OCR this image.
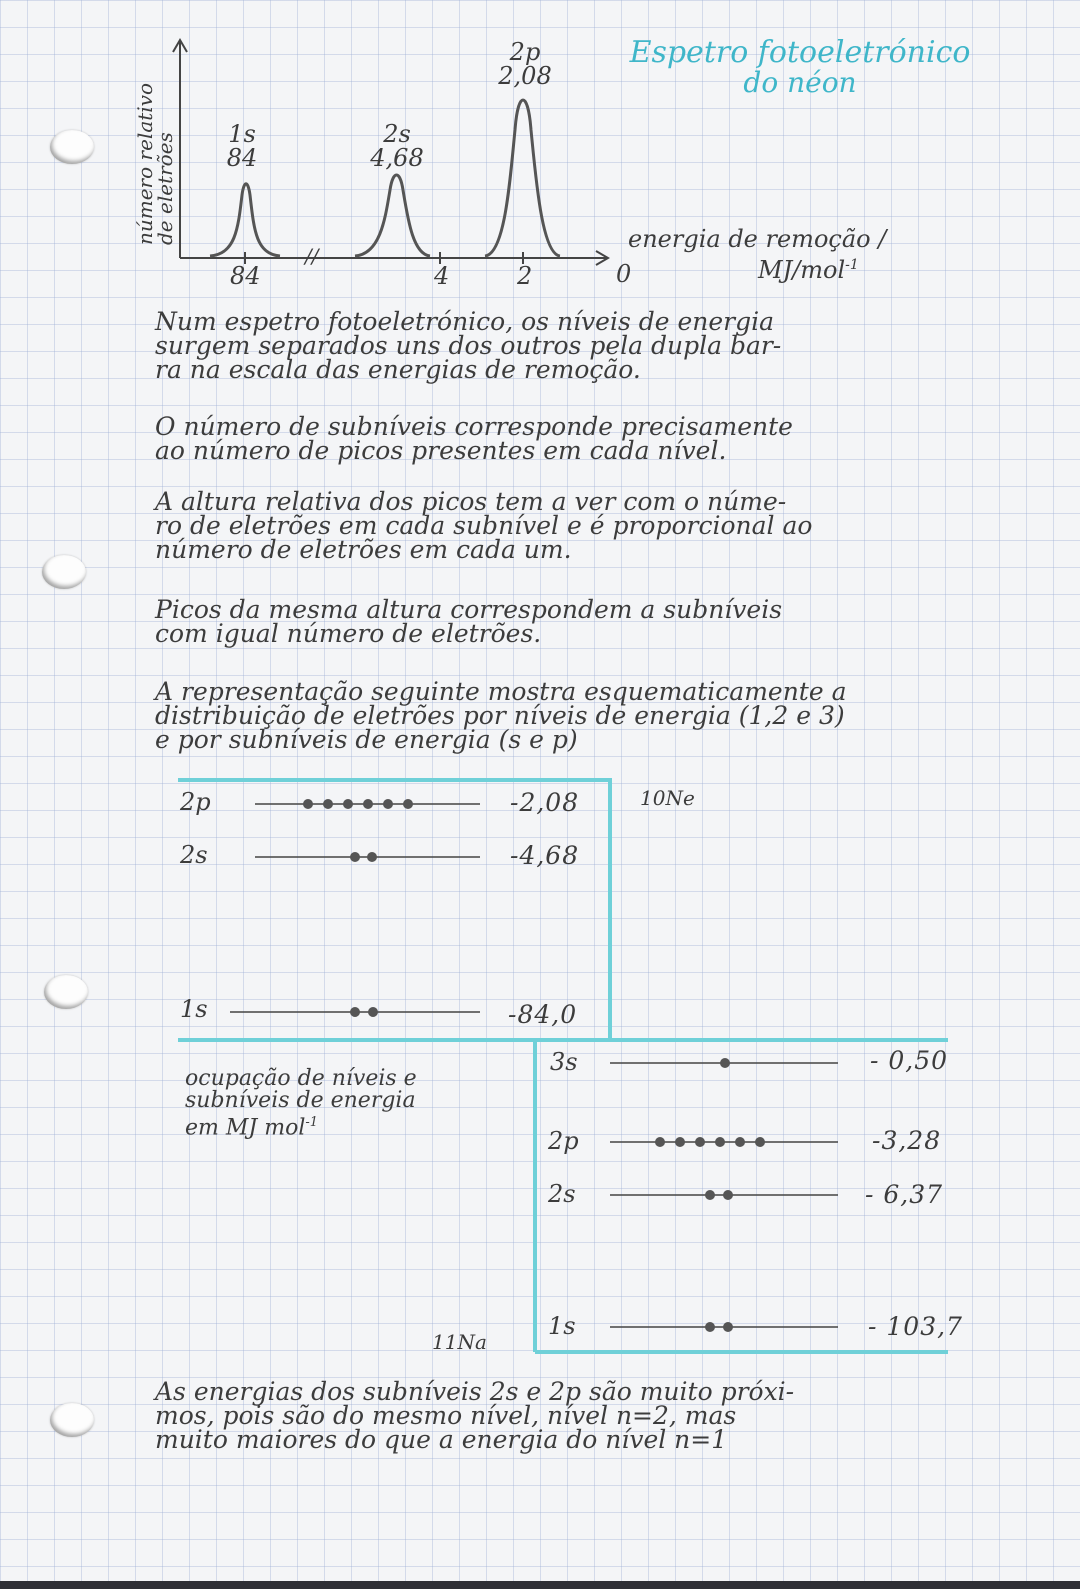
Espetro fotoeletrónico
do néon
número relativo
de eletrões 1s
84
2s
4,68
2p
2,08
84
//
4	2	0
energia de remoção /
MJ/mol$^{-1}$
Num espetro fotoeletrónico, os níveis de energia
surgem separados uns dos outros pela dupla bar-
ra na escala das energias de remoção.
O número de subníveis corresponde precisamente
ao número de picos presentes em cada nível.
A altura relativa dos picos tem a ver com o núme-
ro de eletrões em cada subnível e é proporcional ao
número de eletrões em cada um.
Picos da mesma altura correspondem a subníveis
com igual número de eletrões.
A representação seguinte mostra esquematicamente a
distribuição de eletrões por níveis de energia (1,2 e 3)
e por subníveis de energia (s e p)
2p	-2,08
2s	-4,68
1s	-84,0
10Ne
3s	- 0,50
2p	-3,28
2s	- 6,37
1s	- 103,7
11Na
ocupação de níveis e
subníveis de energia
em MJ mol$^{-1}$
As energias dos subníveis 2s e 2p são muito próxi-
mos, pois são do mesmo nível, nível n=2, mas
muito maiores do que a energia do nível n=1
